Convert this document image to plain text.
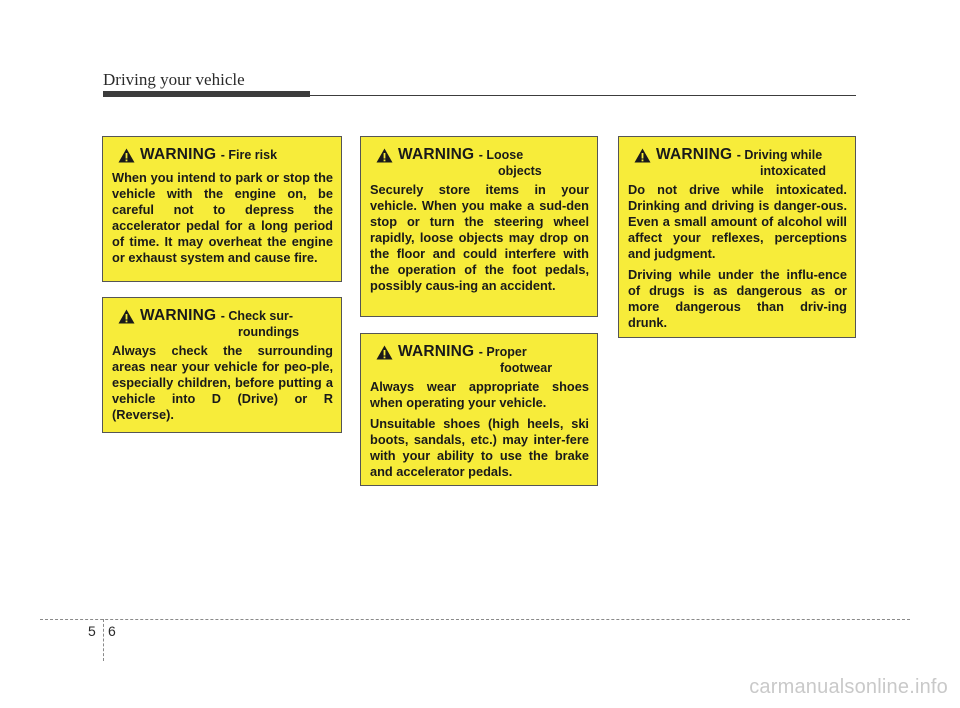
Driving your vehicle
WARNING - Fire risk

When you intend to park or stop the vehicle with the engine on, be careful not to depress the accelerator pedal for a long period of time. It may overheat the engine or exhaust system and cause fire.

WARNING - Check sur-
roundings

Always check the surrounding areas near your vehicle for peo-ple, especially children, before putting a vehicle into D (Drive) or R (Reverse).

WARNING - Loose
objects

Securely store items in your vehicle. When you make a sud-den stop or turn the steering wheel rapidly, loose objects may drop on the floor and could interfere with the operation of the foot pedals, possibly caus-ing an accident.

WARNING - Proper
footwear

Always wear appropriate shoes when operating your vehicle.

Unsuitable shoes (high heels, ski boots, sandals, etc.) may inter-fere with your ability to use the brake and accelerator pedals.

WARNING - Driving while
intoxicated

Do not drive while intoxicated. Drinking and driving is danger-ous. Even a small amount of alcohol will affect your reflexes, perceptions and judgment.

Driving while under the influ-ence of drugs is as dangerous as or more dangerous than driv-ing drunk.

5 6
carmanualsonline.info
